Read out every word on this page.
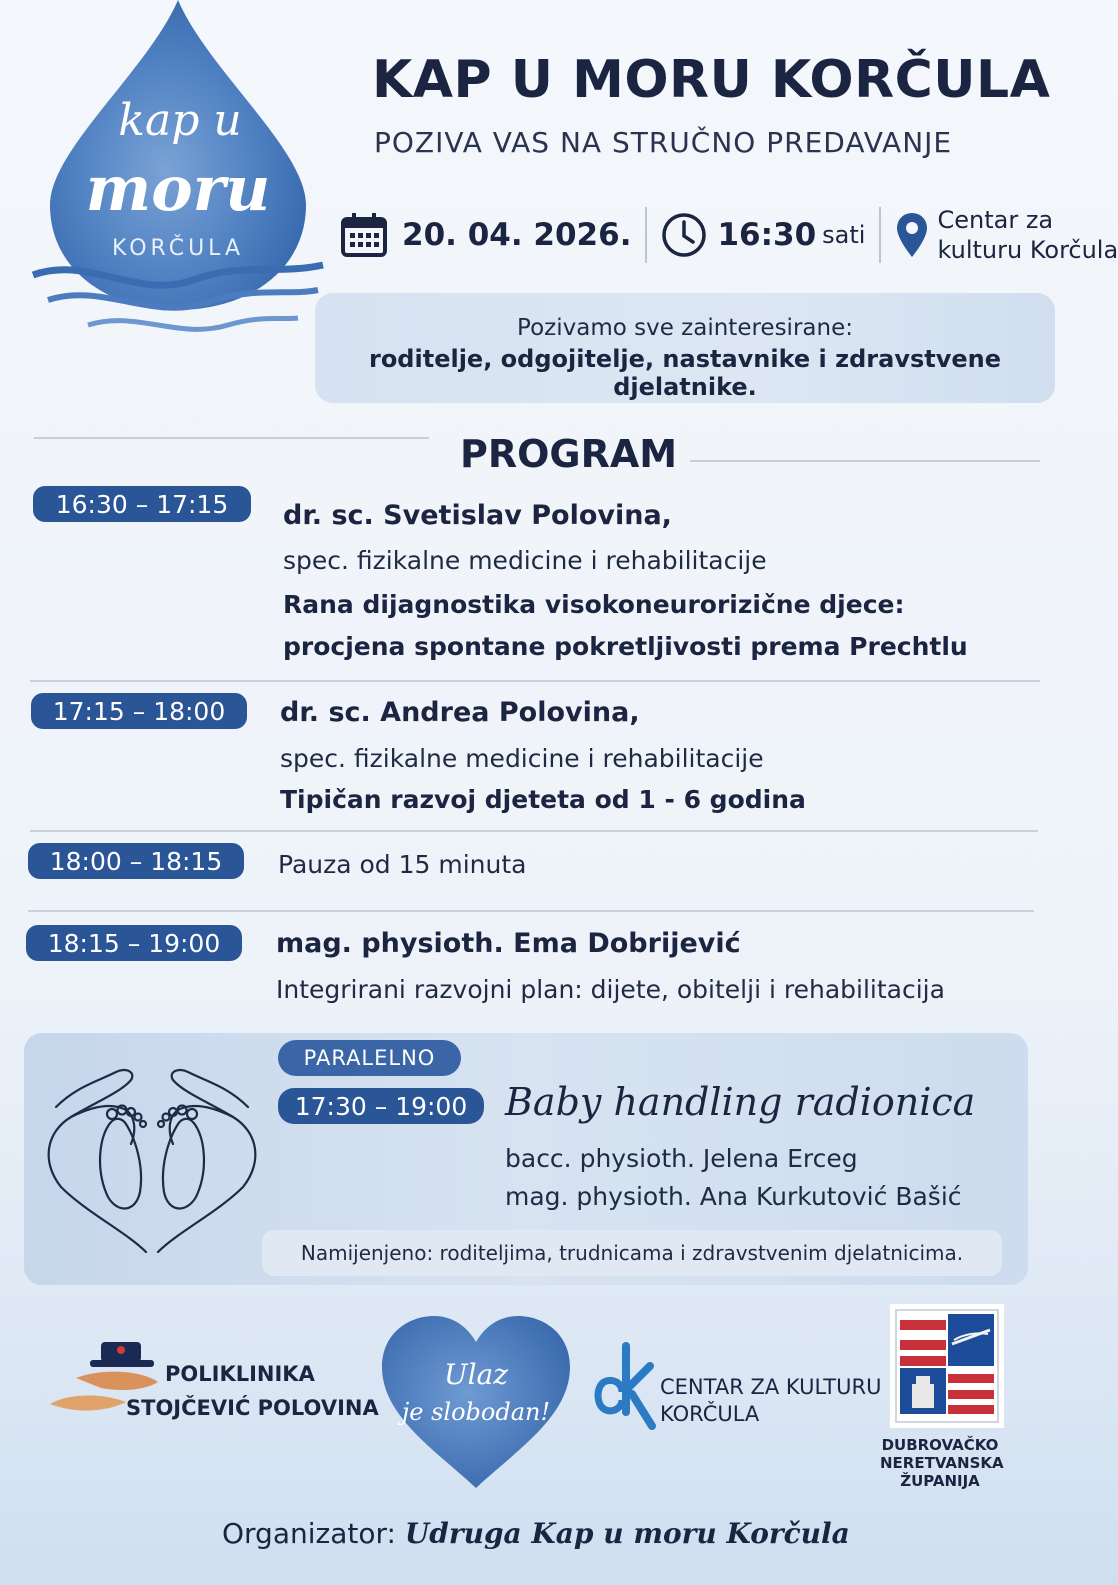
kap u
moru
KORČULA
KAP U MORU KORČULA
POZIVA VAS NA STRUČNO PREDAVANJE
20. 04. 2026.	16:30 sati
Centar za
kulturu Korčula
Pozivamo sve zainteresirane:
roditelje, odgojitelje, nastavnike i zdravstvene djelatnike.
PROGRAM
16:30 – 17:15	dr. sc. Svetislav Polovina,
spec. fizikalne medicine i rehabilitacije
Rana dijagnostika visokoneurorizične djece:
procjena spontane pokretljivosti prema Prechtlu
17:15 – 18:00	dr. sc. Andrea Polovina,
spec. fizikalne medicine i rehabilitacije
Tipičan razvoj djeteta od 1 - 6 godina
18:00 – 18:15	Pauza od 15 minuta
18:15 – 19:00	mag. physioth. Ema Dobrijević
Integrirani razvojni plan: dijete, obitelji i rehabilitacija
PARALELNO
17:30 – 19:00 Baby handling radionica
bacc. physioth. Jelena Erceg
mag. physioth. Ana Kurkutović Bašić
Namijenjeno: roditeljima, trudnicama i zdravstvenim djelatnicima.
POLIKLINIKA
STOJČEVIĆ POLOVINA
Ulaz
je slobodan!
CENTAR ZA KULTURU
KORČULA
DUBROVAČKO
NERETVANSKA
ŽUPANIJA
Organizator: Udruga Kap u moru Korčula
